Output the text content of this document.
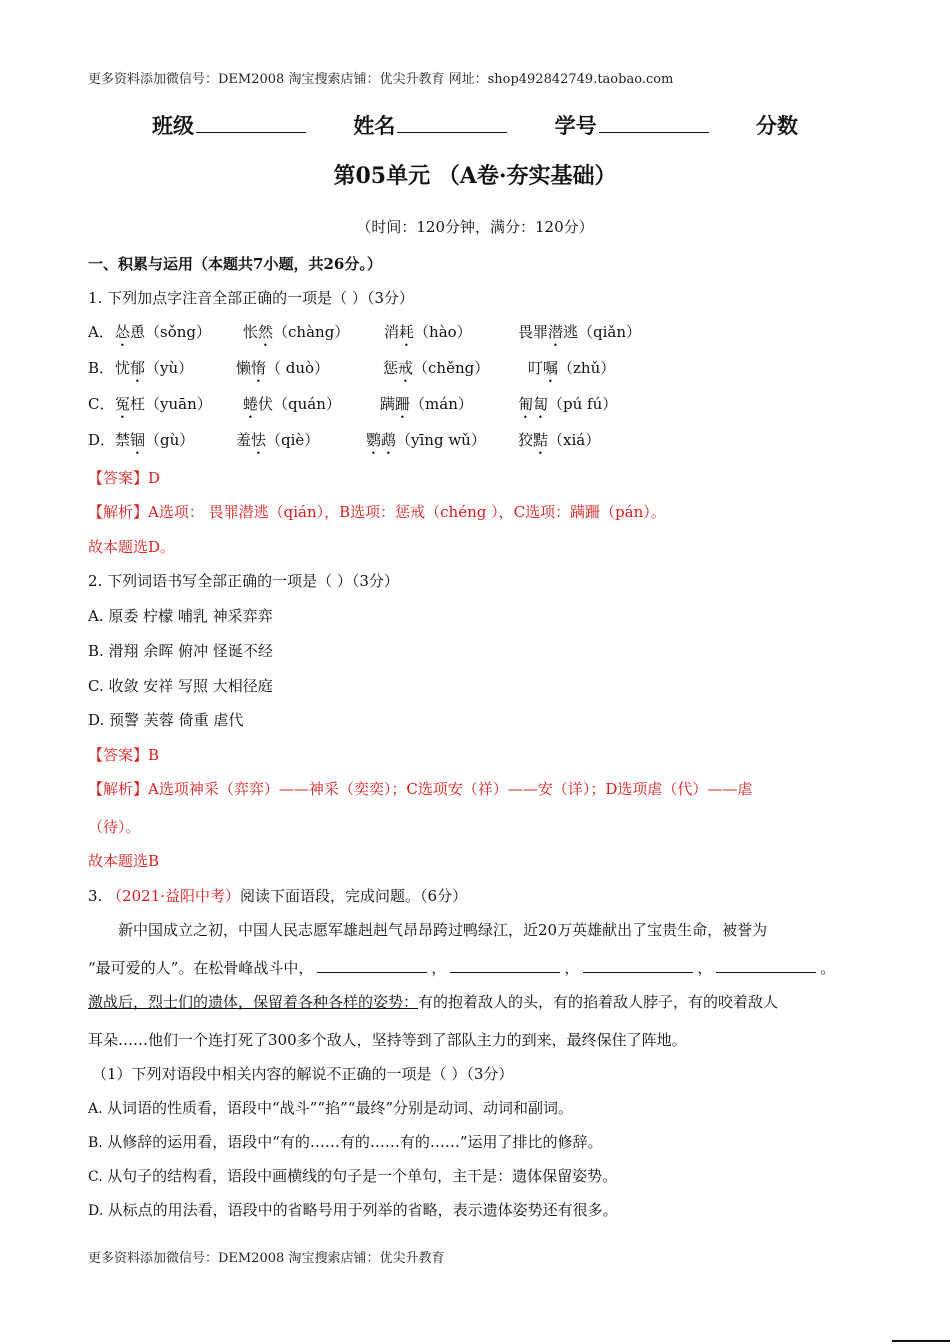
更多资料添加微信号：DEM2008 淘宝搜索店铺：优尖升教育 网址：shop492842749.taobao.com
班级	姓名	学号	分数
第05单元 （A卷·夯实基础）
（时间：120分钟，满分：120分）
一、积累与运用（本题共7小题，共26分。）
1. 下列加点字注音全部正确的一项是（ ）（3分）
A． 怂恿（sǒng） 怅然（chàng） 消耗（hào）	畏罪潜逃（qiǎn）
B． 忧郁（yù）	懒惰（ duò）	惩戒（chěng）	叮嘱（zhǔ）
C． 冤枉（yuān） 蜷伏（quán）	蹒跚（mán）	匍匐（pú fú）
D． 禁锢（gù）	羞怯（qiè）	鹦鹉（yīng wǔ） 狡黠（xiá）
【答案】D
【解析】A选项： 畏罪潜逃（qián），B选项：惩戒（chéng ），C选项：蹒跚（pán）。
故本题选D。
2. 下列词语书写全部正确的一项是（ ）（3分）
A. 原委 柠檬 哺乳 神采弈弈
B. 滑翔 余晖 俯冲 怪诞不经
C. 收敛 安祥 写照 大相径庭
D. 预警 芙蓉 倚重 虐代
【答案】B
【解析】A选项神采（弈弈）——神采（奕奕）；C选项安（祥）——安（详）；D选项虐（代）——虐
（待）。
故本题选B
3. （2021·益阳中考）阅读下面语段，完成问题。（6分）
新中国成立之初，中国人民志愿军雄赳赳气昂昂跨过鸭绿江，近20万英雄献出了宝贵生命，被誉为
“最可爱的人”。在松骨峰战斗中，	，	，	，	。
激战后，烈士们的遗体，保留着各种各样的姿势：有的抱着敌人的头，有的掐着敌人脖子，有的咬着敌人
耳朵……他们一个连打死了300多个敌人，坚持等到了部队主力的到来，最终保住了阵地。
（1）下列对语段中相关内容的解说不正确的一项是（ ）（3分）
A. 从词语的性质看，语段中“战斗”“掐”“最终”分别是动词、动词和副词。
B. 从修辞的运用看，语段中“有的……有的……有的……”运用了排比的修辞。
C. 从句子的结构看，语段中画横线的句子是一个单句，主干是：遗体保留姿势。
D. 从标点的用法看，语段中的省略号用于列举的省略，表示遗体姿势还有很多。
更多资料添加微信号：DEM2008 淘宝搜索店铺：优尖升教育
